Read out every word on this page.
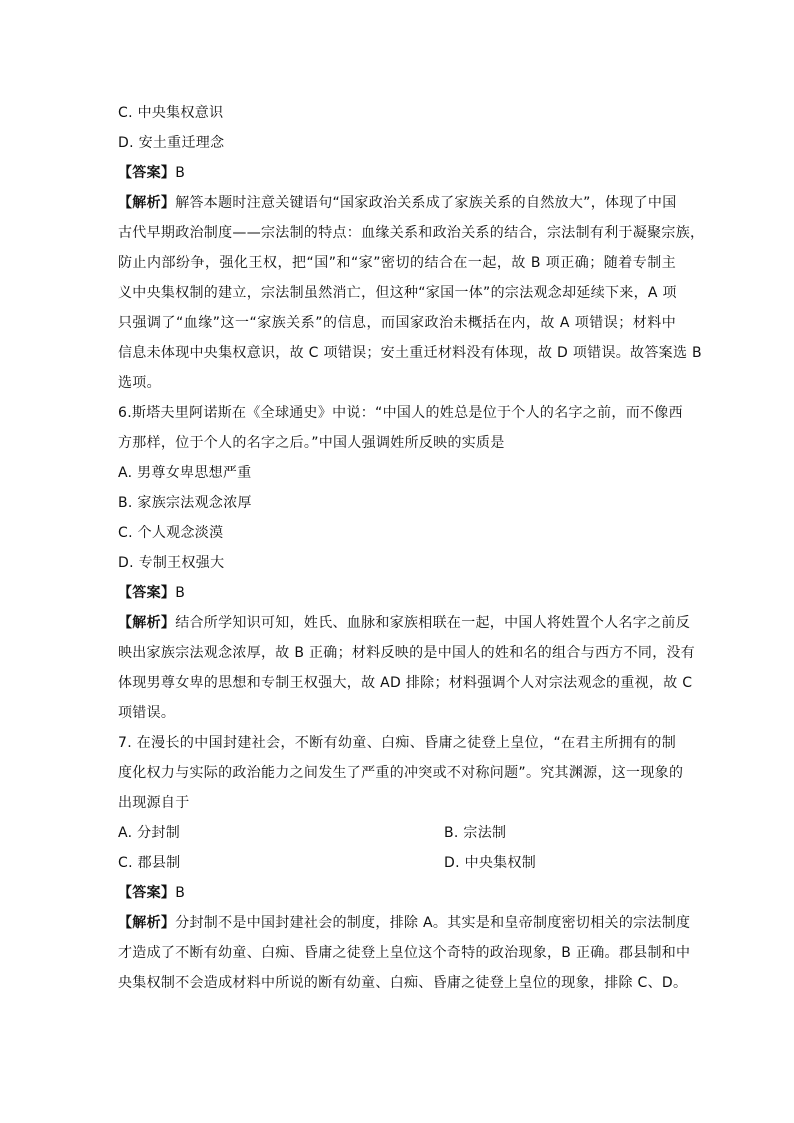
C. 中央集权意识
D. 安土重迁理念
【答案】B
【解析】解答本题时注意关键语句“国家政治关系成了家族关系的自然放大”，体现了中国
古代早期政治制度——宗法制的特点：血缘关系和政治关系的结合，宗法制有利于凝聚宗族，
防止内部纷争，强化王权，把“国”和“家”密切的结合在一起，故 B 项正确；随着专制主
义中央集权制的建立，宗法制虽然消亡，但这种“家国一体”的宗法观念却延续下来，A 项
只强调了“血缘”这一“家族关系”的信息，而国家政治未概括在内，故 A 项错误；材料中
信息未体现中央集权意识，故 C 项错误；安土重迁材料没有体现，故 D 项错误。故答案选 B
选项。
6.斯塔夫里阿诺斯在《全球通史》中说：“中国人的姓总是位于个人的名字之前，而不像西
方那样，位于个人的名字之后。”中国人强调姓所反映的实质是
A. 男尊女卑思想严重
B. 家族宗法观念浓厚
C. 个人观念淡漠
D. 专制王权强大
【答案】B
【解析】结合所学知识可知，姓氏、血脉和家族相联在一起，中国人将姓置个人名字之前反
映出家族宗法观念浓厚，故 B 正确；材料反映的是中国人的姓和名的组合与西方不同，没有
体现男尊女卑的思想和专制王权强大，故 AD 排除；材料强调个人对宗法观念的重视，故 C
项错误。
7. 在漫长的中国封建社会，不断有幼童、白痴、昏庸之徒登上皇位，“在君主所拥有的制
度化权力与实际的政治能力之间发生了严重的冲突或不对称问题”。究其渊源，这一现象的
出现源自于
A. 分封制	B. 宗法制
C. 郡县制	D. 中央集权制
【答案】B
【解析】分封制不是中国封建社会的制度，排除 A。其实是和皇帝制度密切相关的宗法制度
才造成了不断有幼童、白痴、昏庸之徒登上皇位这个奇特的政治现象，B 正确。郡县制和中
央集权制不会造成材料中所说的断有幼童、白痴、昏庸之徒登上皇位的现象，排除 C、D。
